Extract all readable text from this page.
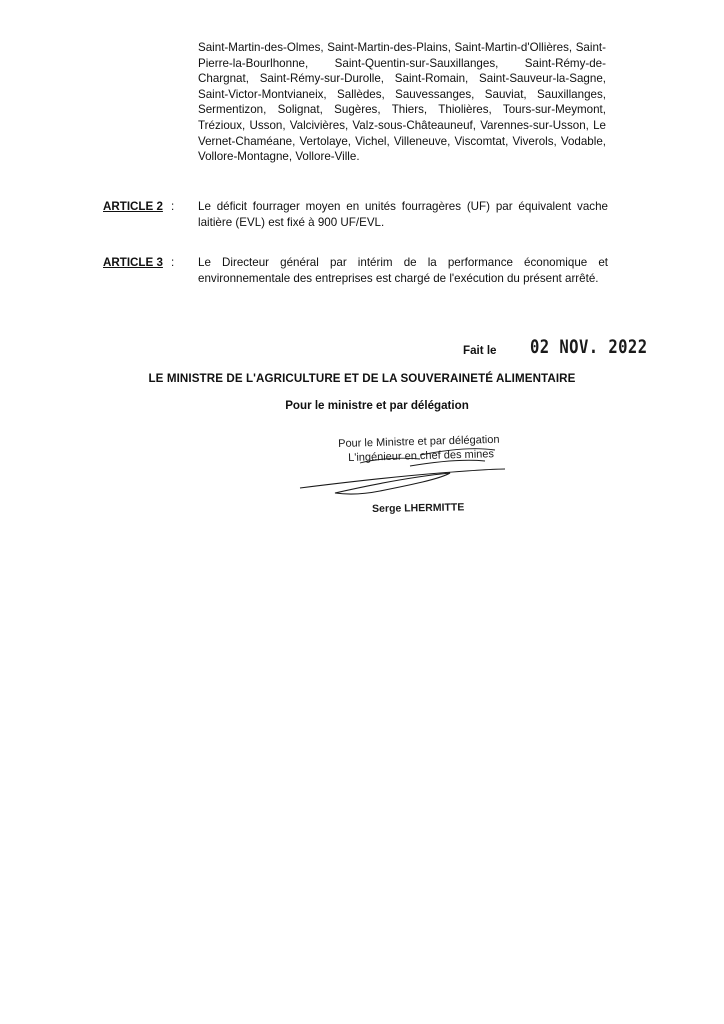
Saint-Martin-des-Olmes, Saint-Martin-des-Plains, Saint-Martin-d'Ollières, Saint-Pierre-la-Bourlhonne, Saint-Quentin-sur-Sauxillanges, Saint-Rémy-de-Chargnat, Saint-Rémy-sur-Durolle, Saint-Romain, Saint-Sauveur-la-Sagne, Saint-Victor-Montvianeix, Sallèdes, Sauvessanges, Sauviat, Sauxillanges, Sermentizon, Solignat, Sugères, Thiers, Thiolières, Tours-sur-Meymont, Trézioux, Usson, Valcivières, Valz-sous-Châteauneuf, Varennes-sur-Usson, Le Vernet-Chaméane, Vertolaye, Vichel, Villeneuve, Viscomtat, Viverols, Vodable, Vollore-Montagne, Vollore-Ville.
ARTICLE 2 : Le déficit fourrager moyen en unités fourragères (UF) par équivalent vache laitière (EVL) est fixé à 900 UF/EVL.
ARTICLE 3 : Le Directeur général par intérim de la performance économique et environnementale des entreprises est chargé de l'exécution du présent arrêté.
Fait le 02 NOV. 2022
LE MINISTRE DE L'AGRICULTURE ET DE LA SOUVERAINETÉ ALIMENTAIRE
Pour le ministre et par délégation
Pour le Ministre et par délégation
L'ingénieur en chef des mines
Serge LHERMITTE
